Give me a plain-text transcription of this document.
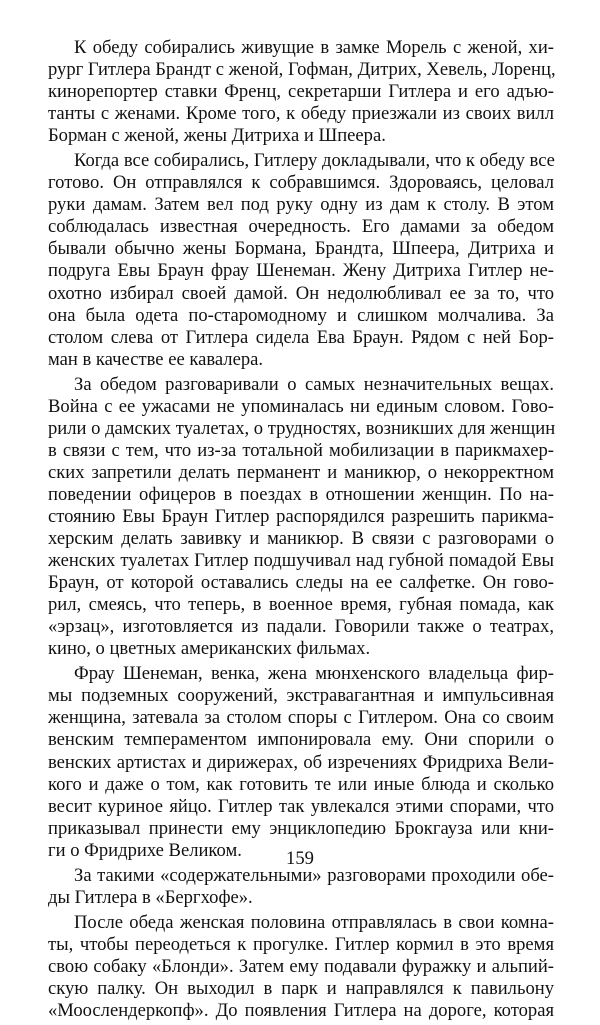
К обеду собирались живущие в замке Морель с женой, хи-
рург Гитлера Брандт с женой, Гофман, Дитрих, Хевель, Лоренц,
кинорепортер ставки Френц, секретарши Гитлера и его адъю-
танты с женами. Кроме того, к обеду приезжали из своих вилл
Борман с женой, жены Дитриха и Шпеера.

Когда все собирались, Гитлеру докладывали, что к обеду все
готово. Он отправлялся к собравшимся. Здороваясь, целовал
руки дамам. Затем вел под руку одну из дам к столу. В этом
соблюдалась известная очередность. Его дамами за обедом
бывали обычно жены Бормана, Брандта, Шпеера, Дитриха и
подруга Евы Браун фрау Шенеман. Жену Дитриха Гитлер не-
охотно избирал своей дамой. Он недолюбливал ее за то, что
она была одета по-старомодному и слишком молчалива. За
столом слева от Гитлера сидела Ева Браун. Рядом с ней Бор-
ман в качестве ее кавалера.

За обедом разговаривали о самых незначительных вещах.
Война с ее ужасами не упоминалась ни единым словом. Гово-
рили о дамских туалетах, о трудностях, возникших для женщин
в связи с тем, что из-за тотальной мобилизации в парикмахер-
ских запретили делать перманент и маникюр, о некорректном
поведении офицеров в поездах в отношении женщин. По на-
стоянию Евы Браун Гитлер распорядился разрешить парикма-
херским делать завивку и маникюр. В связи с разговорами о
женских туалетах Гитлер подшучивал над губной помадой Евы
Браун, от которой оставались следы на ее салфетке. Он гово-
рил, смеясь, что теперь, в военное время, губная помада, как
«эрзац», изготовляется из падали. Говорили также о театрах,
кино, о цветных американских фильмах.

Фрау Шенеман, венка, жена мюнхенского владельца фир-
мы подземных сооружений, экстравагантная и импульсивная
женщина, затевала за столом споры с Гитлером. Она со своим
венским темпераментом импонировала ему. Они спорили о
венских артистах и дирижерах, об изречениях Фридриха Вели-
кого и даже о том, как готовить те или иные блюда и сколько
весит куриное яйцо. Гитлер так увлекался этими спорами, что
приказывал принести ему энциклопедию Брокгауза или кни-
ги о Фридрихе Великом.

За такими «содержательными» разговорами проходили обе-
ды Гитлера в «Бергхофе».

После обеда женская половина отправлялась в свои комна-
ты, чтобы переодеться к прогулке. Гитлер кормил в это время
свою собаку «Блонди». Затем ему подавали фуражку и альпий-
скую палку. Он выходил в парк и направлялся к павильону
«Моослендеркопф». До появления Гитлера на дороге, которая

159
